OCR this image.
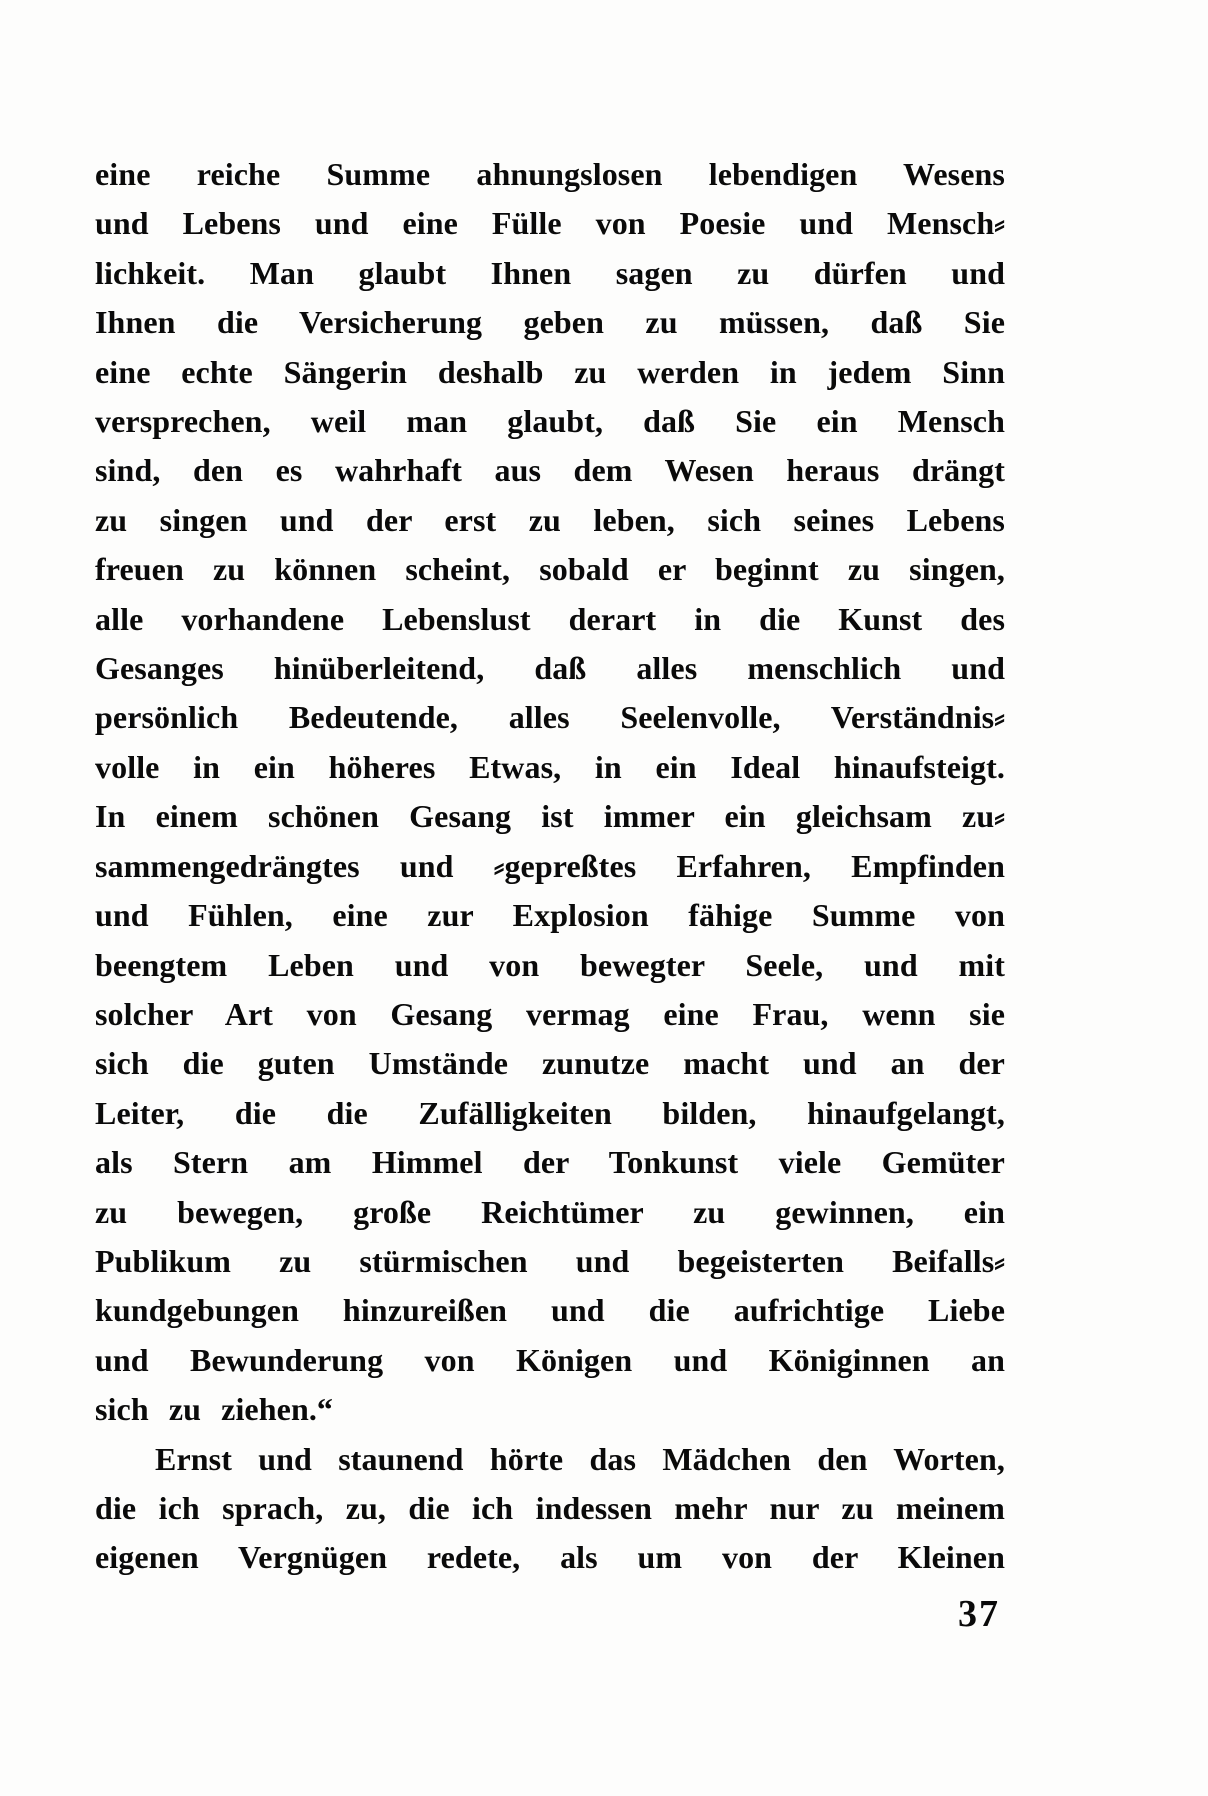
eine reiche Summe ahnungslosen lebendigen Wesens
und Lebens und eine Fülle von Poesie und Mensch⸗
lichkeit. Man glaubt Ihnen sagen zu dürfen und
Ihnen die Versicherung geben zu müssen, daß Sie
eine echte Sängerin deshalb zu werden in jedem Sinn
versprechen, weil man glaubt, daß Sie ein Mensch
sind, den es wahrhaft aus dem Wesen heraus drängt
zu singen und der erst zu leben, sich seines Lebens
freuen zu können scheint, sobald er beginnt zu singen,
alle vorhandene Lebenslust derart in die Kunst des
Gesanges hinüberleitend, daß alles menschlich und
persönlich Bedeutende, alles Seelenvolle, Verständnis⸗
volle in ein höheres Etwas, in ein Ideal hinaufsteigt.
In einem schönen Gesang ist immer ein gleichsam zu⸗
sammengedrängtes und ⸗gepreßtes Erfahren, Empfinden
und Fühlen, eine zur Explosion fähige Summe von
beengtem Leben und von bewegter Seele, und mit
solcher Art von Gesang vermag eine Frau, wenn sie
sich die guten Umstände zunutze macht und an der
Leiter, die die Zufälligkeiten bilden, hinaufgelangt,
als Stern am Himmel der Tonkunst viele Gemüter
zu bewegen, große Reichtümer zu gewinnen, ein
Publikum zu stürmischen und begeisterten Beifalls⸗
kundgebungen hinzureißen und die aufrichtige Liebe
und Bewunderung von Königen und Königinnen an
sich zu ziehen.“
Ernst und staunend hörte das Mädchen den Worten,
die ich sprach, zu, die ich indessen mehr nur zu meinem
eigenen Vergnügen redete, als um von der Kleinen
37
